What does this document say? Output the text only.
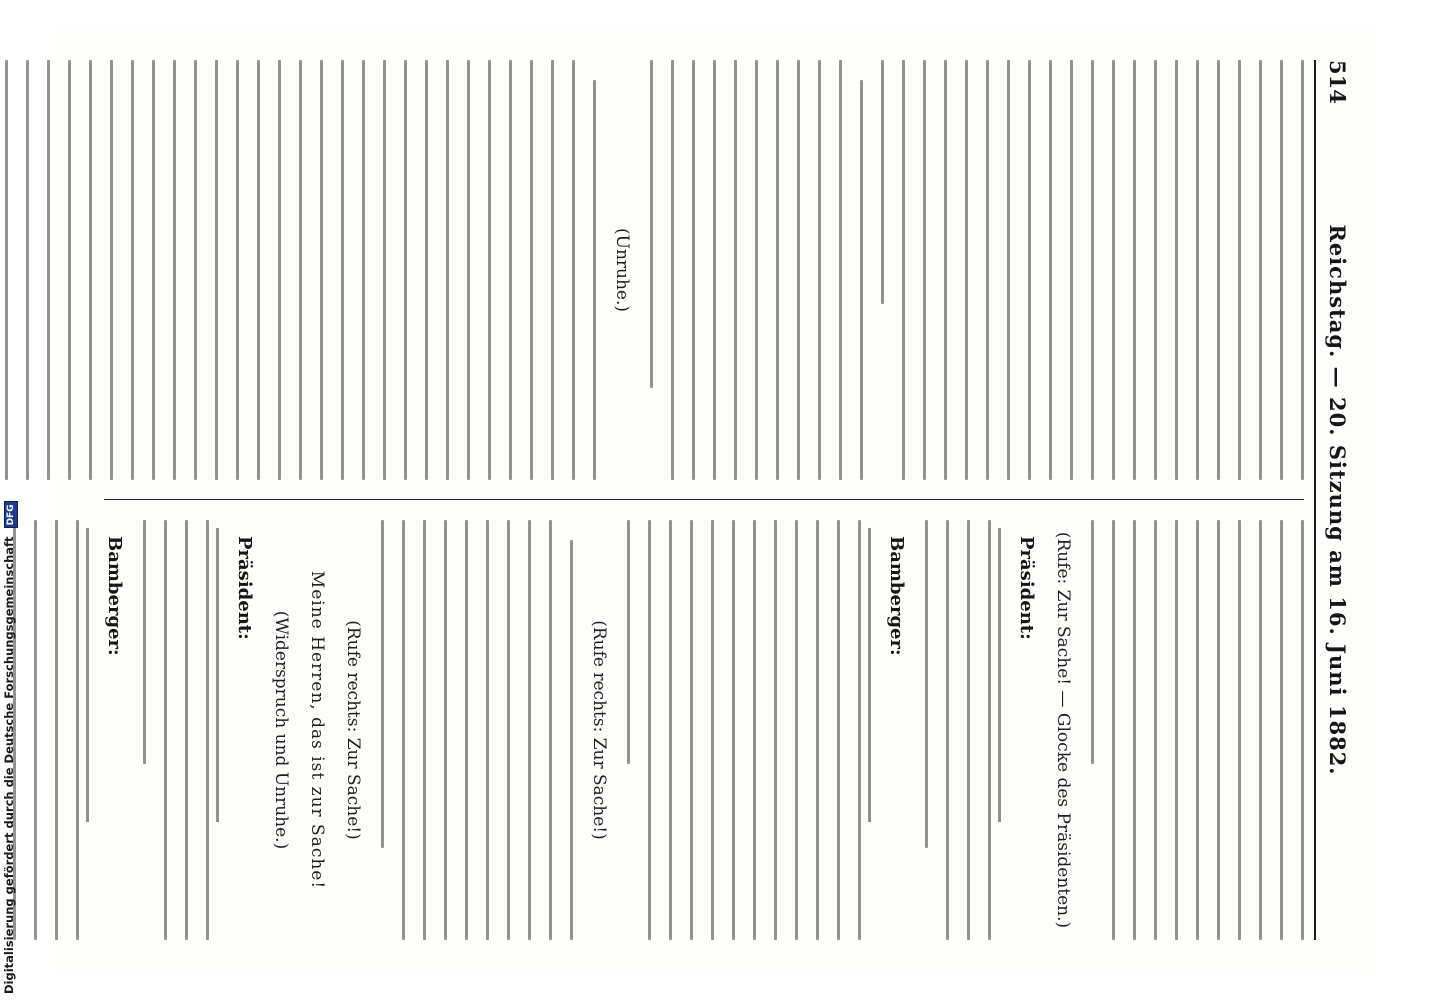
514
Reichstag. — 20. Sitzung am 16. Juni 1882.
(Unruhe.)
(Rufe: Zur Sache! — Glocke des Präsidenten.)
Präsident:
Bamberger:
(Rufe rechts: Zur Sache!)
(Rufe rechts: Zur Sache!)
Meine Herren, das ist zur Sache!
(Widerspruch und Unruhe.)
Präsident:
Bamberger:
Digitalisierung gefördert durch die Deutsche Forschungsgemeinschaft DFG
